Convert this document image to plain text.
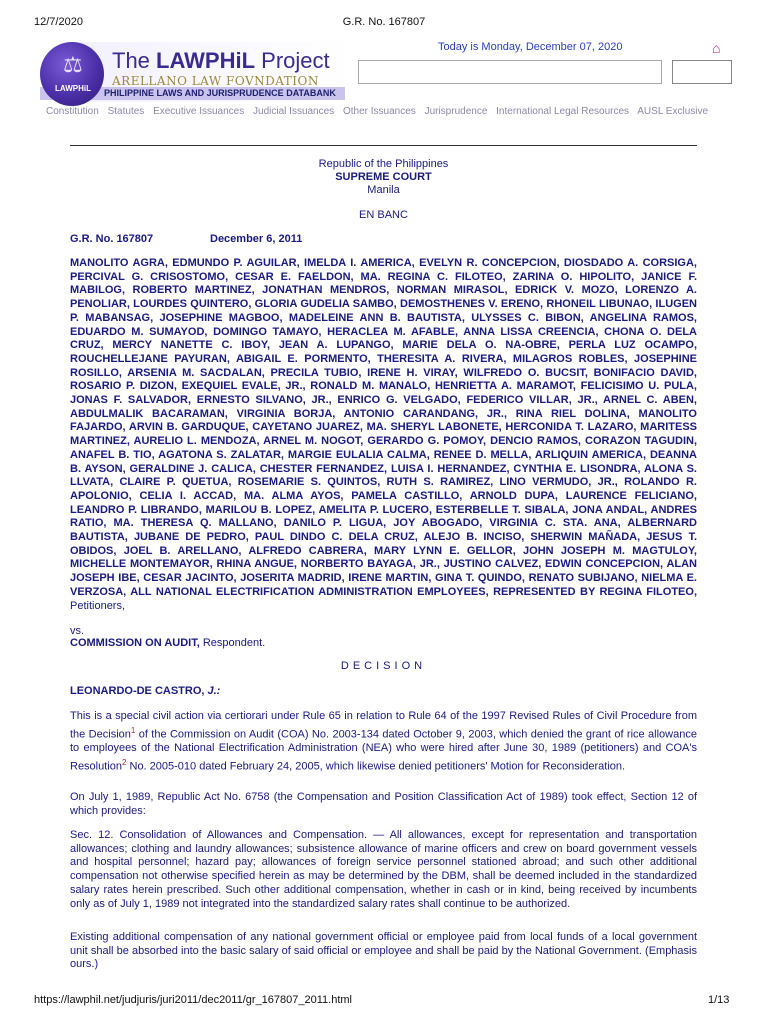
12/7/2020	G.R. No. 167807
⚖
LAWPHiL
The LAWPHiL Project
ARELLANO LAW FOVNDATION
PHILIPPINE LAWS AND JURISPRUDENCE DATABANK
Today is Monday, December 07, 2020	⌂
Constitution Statutes Executive Issuances Judicial Issuances Other Issuances Jurisprudence International Legal Resources AUSL Exclusive
Republic of the Philippines
SUPREME COURT
Manila
EN BANC
G.R. No. 167807	December 6, 2011
MANOLITO AGRA, EDMUNDO P. AGUILAR, IMELDA I. AMERICA, EVELYN R. CONCEPCION, DIOSDADO A. CORSIGA, PERCIVAL G. CRISOSTOMO, CESAR E. FAELDON, MA. REGINA C. FILOTEO, ZARINA O. HIPOLITO, JANICE F. MABILOG, ROBERTO MARTINEZ, JONATHAN MENDROS, NORMAN MIRASOL, EDRICK V. MOZO, LORENZO A. PENOLIAR, LOURDES QUINTERO, GLORIA GUDELIA SAMBO, DEMOSTHENES V. ERENO, RHONEIL LIBUNAO, ILUGEN P. MABANSAG, JOSEPHINE MAGBOO, MADELEINE ANN B. BAUTISTA, ULYSSES C. BIBON, ANGELINA RAMOS, EDUARDO M. SUMAYOD, DOMINGO TAMAYO, HERACLEA M. AFABLE, ANNA LISSA CREENCIA, CHONA O. DELA CRUZ, MERCY NANETTE C. IBOY, JEAN A. LUPANGO, MARIE DELA O. NA-OBRE, PERLA LUZ OCAMPO, ROUCHELLEJANE PAYURAN, ABIGAIL E. PORMENTO, THERESITA A. RIVERA, MILAGROS ROBLES, JOSEPHINE ROSILLO, ARSENIA M. SACDALAN, PRECILA TUBIO, IRENE H. VIRAY, WILFREDO O. BUCSIT, BONIFACIO DAVID, ROSARIO P. DIZON, EXEQUIEL EVALE, JR., RONALD M. MANALO, HENRIETTA A. MARAMOT, FELICISIMO U. PULA, JONAS F. SALVADOR, ERNESTO SILVANO, JR., ENRICO G. VELGADO, FEDERICO VILLAR, JR., ARNEL C. ABEN, ABDULMALIK BACARAMAN, VIRGINIA BORJA, ANTONIO CARANDANG, JR., RINA RIEL DOLINA, MANOLITO FAJARDO, ARVIN B. GARDUQUE, CAYETANO JUAREZ, MA. SHERYL LABONETE, HERCONIDA T. LAZARO, MARITESS MARTINEZ, AURELIO L. MENDOZA, ARNEL M. NOGOT, GERARDO G. POMOY, DENCIO RAMOS, CORAZON TAGUDIN, ANAFEL B. TIO, AGATONA S. ZALATAR, MARGIE EULALIA CALMA, RENEE D. MELLA, ARLIQUIN AMERICA, DEANNA B. AYSON, GERALDINE J. CALICA, CHESTER FERNANDEZ, LUISA I. HERNANDEZ, CYNTHIA E. LISONDRA, ALONA S. LLVATA, CLAIRE P. QUETUA, ROSEMARIE S. QUINTOS, RUTH S. RAMIREZ, LINO VERMUDO, JR., ROLANDO R. APOLONIO, CELIA I. ACCAD, MA. ALMA AYOS, PAMELA CASTILLO, ARNOLD DUPA, LAURENCE FELICIANO, LEANDRO P. LIBRANDO, MARILOU B. LOPEZ, AMELITA P. LUCERO, ESTERBELLE T. SIBALA, JONA ANDAL, ANDRES RATIO, MA. THERESA Q. MALLANO, DANILO P. LIGUA, JOY ABOGADO, VIRGINIA C. STA. ANA, ALBERNARD BAUTISTA, JUBANE DE PEDRO, PAUL DINDO C. DELA CRUZ, ALEJO B. INCISO, SHERWIN MAÑADA, JESUS T. OBIDOS, JOEL B. ARELLANO, ALFREDO CABRERA, MARY LYNN E. GELLOR, JOHN JOSEPH M. MAGTULOY, MICHELLE MONTEMAYOR, RHINA ANGUE, NORBERTO BAYAGA, JR., JUSTINO CALVEZ, EDWIN CONCEPCION, ALAN JOSEPH IBE, CESAR JACINTO, JOSERITA MADRID, IRENE MARTIN, GINA T. QUINDO, RENATO SUBIJANO, NIELMA E. VERZOSA, ALL NATIONAL ELECTRIFICATION ADMINISTRATION EMPLOYEES, REPRESENTED BY REGINA FILOTEO, Petitioners,
vs.
COMMISSION ON AUDIT, Respondent.
DECISION
LEONARDO-DE CASTRO, J.:
This is a special civil action via certiorari under Rule 65 in relation to Rule 64 of the 1997 Revised Rules of Civil Procedure from the Decision$^1$ of the Commission on Audit (COA) No. 2003-134 dated October 9, 2003, which denied the grant of rice allowance to employees of the National Electrification Administration (NEA) who were hired after June 30, 1989 (petitioners) and COA's Resolution$^2$ No. 2005-010 dated February 24, 2005, which likewise denied petitioners' Motion for Reconsideration.
On July 1, 1989, Republic Act No. 6758 (the Compensation and Position Classification Act of 1989) took effect, Section 12 of which provides:
Sec. 12. Consolidation of Allowances and Compensation. — All allowances, except for representation and transportation allowances; clothing and laundry allowances; subsistence allowance of marine officers and crew on board government vessels and hospital personnel; hazard pay; allowances of foreign service personnel stationed abroad; and such other additional compensation not otherwise specified herein as may be determined by the DBM, shall be deemed included in the standardized salary rates herein prescribed. Such other additional compensation, whether in cash or in kind, being received by incumbents only as of July 1, 1989 not integrated into the standardized salary rates shall continue to be authorized.
Existing additional compensation of any national government official or employee paid from local funds of a local government unit shall be absorbed into the basic salary of said official or employee and shall be paid by the National Government. (Emphasis ours.)
https://lawphil.net/judjuris/juri2011/dec2011/gr_167807_2011.html	1/13
